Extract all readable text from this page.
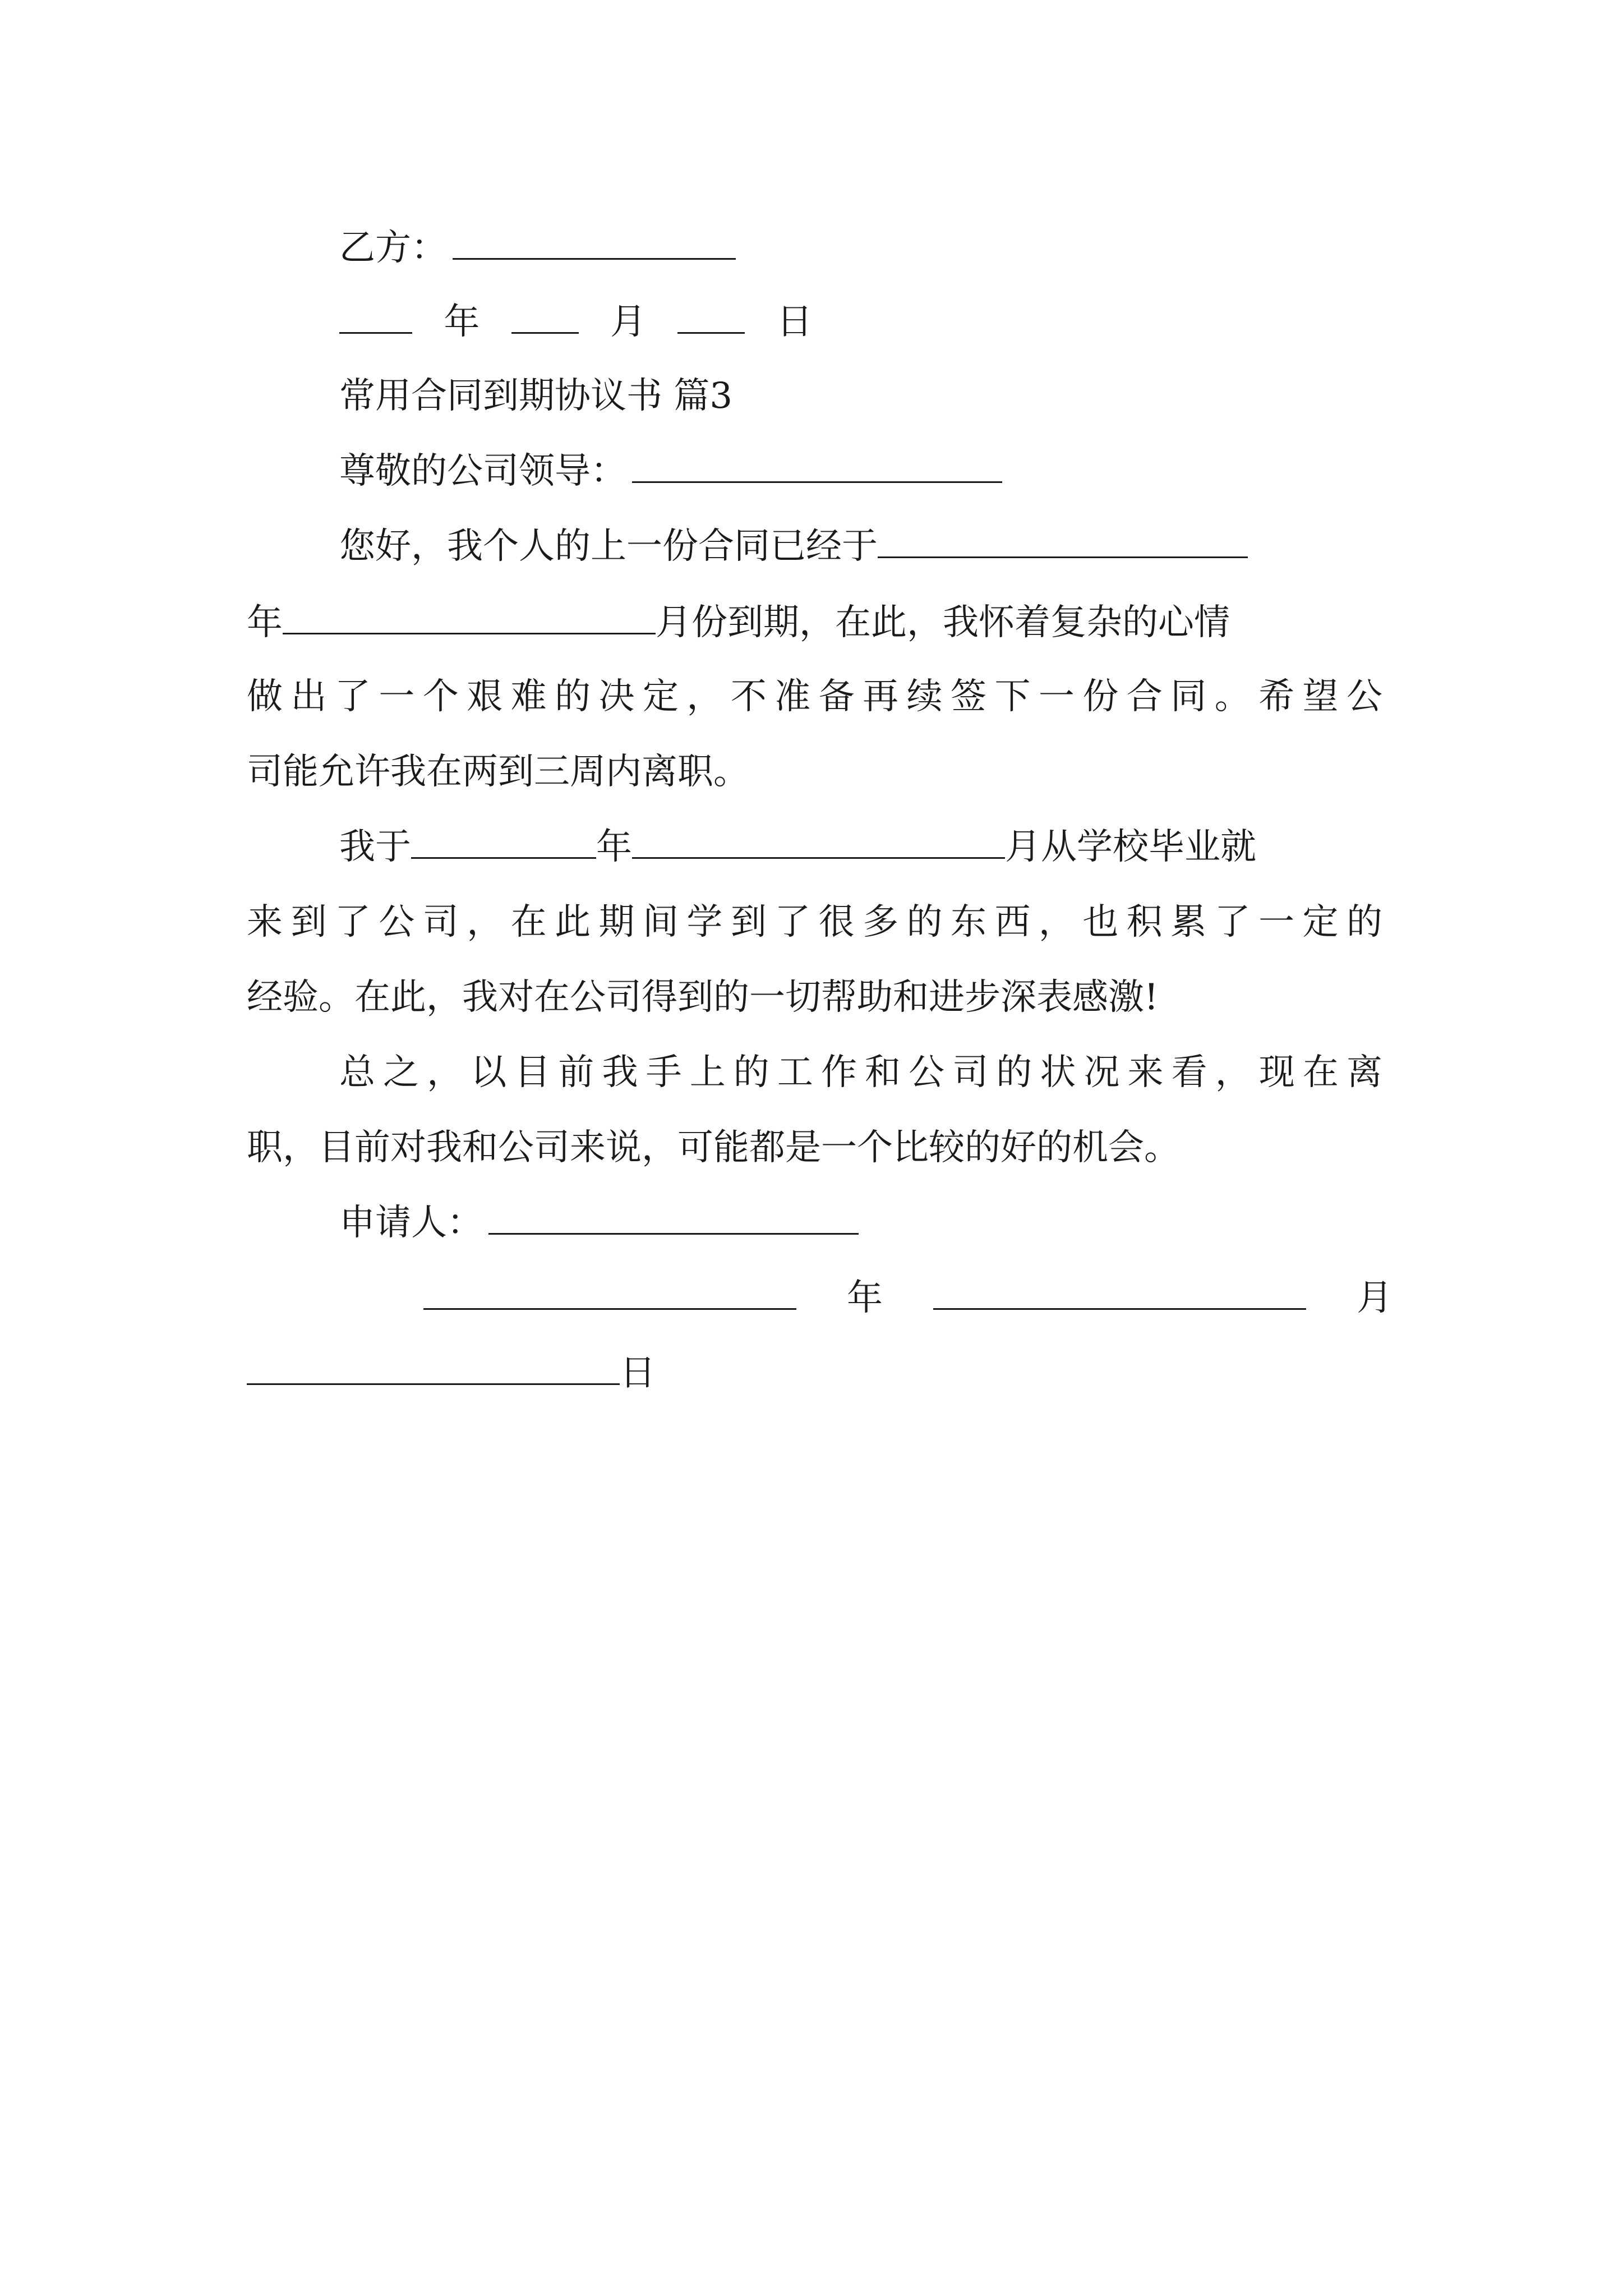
乙方：
年	月	日
常用合同到期协议书 篇3
尊敬的公司领导：
您好，我个人的上一份合同已经于
年	月份到期，在此，我怀着复杂的心情
做出了一个艰难的决定，不准备再续签下一份合同。希望公
司能允许我在两到三周内离职。
我于	年	月从学校毕业就
来到了公司，在此期间学到了很多的东西，也积累了一定的
经验。在此，我对在公司得到的一切帮助和进步深表感激!
总之，以目前我手上的工作和公司的状况来看，现在离
职，目前对我和公司来说，可能都是一个比较的好的机会。
申请人：
年	月
日
